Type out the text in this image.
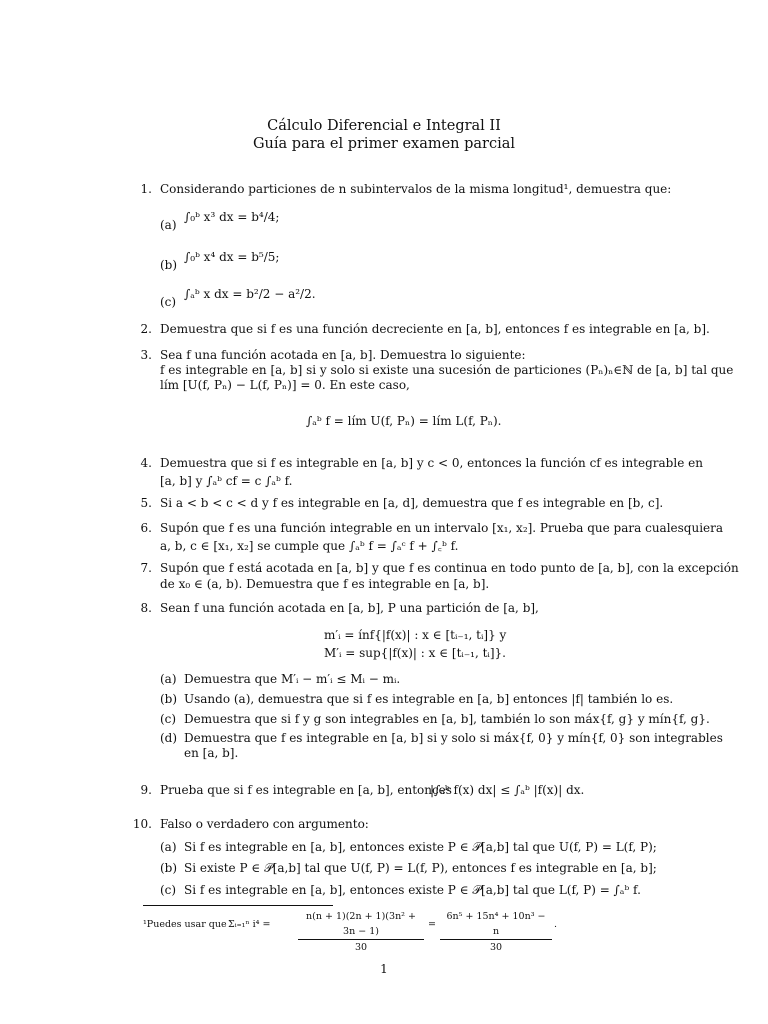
Cálculo Diferencial e Integral II
Guía para el primer examen parcial
1. Considerando particiones de n subintervalos de la misma longitud¹, demuestra que:
(a)
∫₀ᵇ x³ dx = b⁴/4;
(b)
∫₀ᵇ x⁴ dx = b⁵/5;
(c)
∫ₐᵇ x dx = b²/2 − a²/2.
2. Demuestra que si f es una función decreciente en [a, b], entonces f es integrable en [a, b].
3. Sea f una función acotada en [a, b]. Demuestra lo siguiente:
f es integrable en [a, b] si y solo si existe una sucesión de particiones (Pₙ)ₙ∈ℕ de [a, b] tal que
lím [U(f, Pₙ) − L(f, Pₙ)] = 0. En este caso,
∫ₐᵇ f = lím U(f, Pₙ) = lím L(f, Pₙ).
4. Demuestra que si f es integrable en [a, b] y c < 0, entonces la función cf es integrable en
[a, b] y ∫ₐᵇ cf = c ∫ₐᵇ f.
5. Si a < b < c < d y f es integrable en [a, d], demuestra que f es integrable en [b, c].
6. Supón que f es una función integrable en un intervalo [x₁, x₂]. Prueba que para cualesquiera
a, b, c ∈ [x₁, x₂] se cumple que ∫ₐᵇ f = ∫ₐᶜ f + ∫꜀ᵇ f.
7. Supón que f está acotada en [a, b] y que f es continua en todo punto de [a, b], con la excepción
de x₀ ∈ (a, b). Demuestra que f es integrable en [a, b].
8. Sean f una función acotada en [a, b], P una partición de [a, b],
m′ᵢ = ínf{|f(x)| : x ∈ [tᵢ₋₁, tᵢ]} y
M′ᵢ = sup{|f(x)| : x ∈ [tᵢ₋₁, tᵢ]}.
(a) Demuestra que M′ᵢ − m′ᵢ ≤ Mᵢ − mᵢ.
(b) Usando (a), demuestra que si f es integrable en [a, b] entonces |f| también lo es.
(c) Demuestra que si f y g son integrables en [a, b], también lo son máx{f, g} y mín{f, g}.
(d) Demuestra que f es integrable en [a, b] si y solo si máx{f, 0} y mín{f, 0} son integrables
en [a, b].
9. Prueba que si f es integrable en [a, b], entonces
|∫ₐᵇ f(x) dx| ≤ ∫ₐᵇ |f(x)| dx.
10. Falso o verdadero con argumento:
(a) Si f es integrable en [a, b], entonces existe P ∈ 𝒫[a,b] tal que U(f, P) = L(f, P);
(b) Si existe P ∈ 𝒫[a,b] tal que U(f, P) = L(f, P), entonces f es integrable en [a, b];
(c) Si f es integrable en [a, b], entonces existe P ∈ 𝒫[a,b] tal que L(f, P) = ∫ₐᵇ f.
¹Puedes usar que Σᵢ₌₁ⁿ i⁴ =	$\frac{\text{n(n + 1)(2n + 1)(3n² + 3n − 1)}}{30} = \frac{\text{6n⁵ + 15n⁴ + 10n³ − n}}{30}$ .
1
